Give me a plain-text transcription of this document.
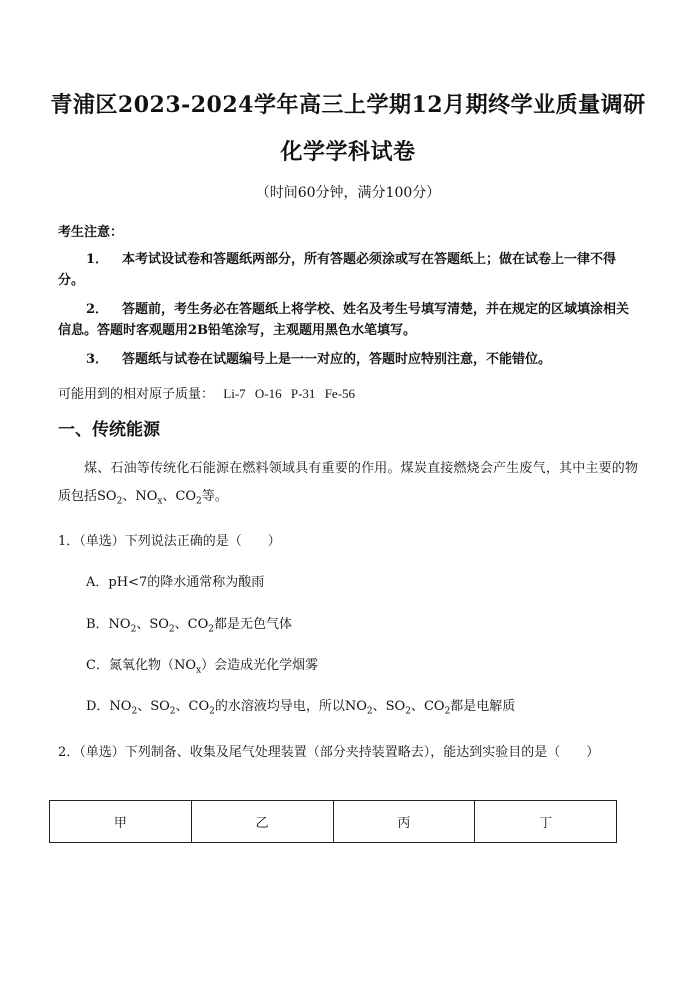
青浦区2023-2024学年高三上学期12月期终学业质量调研
化学学科试卷
（时间60分钟，满分100分）
考生注意：
1． 本考试设试卷和答题纸两部分，所有答题必须涂或写在答题纸上；做在试卷上一律不得分。
2． 答题前，考生务必在答题纸上将学校、姓名及考生号填写清楚，并在规定的区域填涂相关信息。答题时客观题用2B铅笔涂写，主观题用黑色水笔填写。
3． 答题纸与试卷在试题编号上是一一对应的，答题时应特别注意，不能错位。
可能用到的相对原子质量： Li-7 O-16 P-31 Fe-56
一、传统能源
煤、石油等传统化石能源在燃料领域具有重要的作用。煤炭直接燃烧会产生废气，其中主要的物质包括$SO_2$、$NO_x$、$CO_2$等。
1．（单选）下列说法正确的是（　　）
A．pH<7的降水通常称为酸雨
B．$NO_2$、$SO_2$、$CO_2$都是无色气体
C．氮氧化物$(NO_x)$会造成光化学烟雾
D．$NO_2$、$SO_2$、$CO_2$的水溶液均导电，所以$NO_2$、$SO_2$、$CO_2$都是电解质
2．（单选）下列制备、收集及尾气处理装置（部分夹持装置略去），能达到实验目的是（　　）
甲	乙	丙	丁
